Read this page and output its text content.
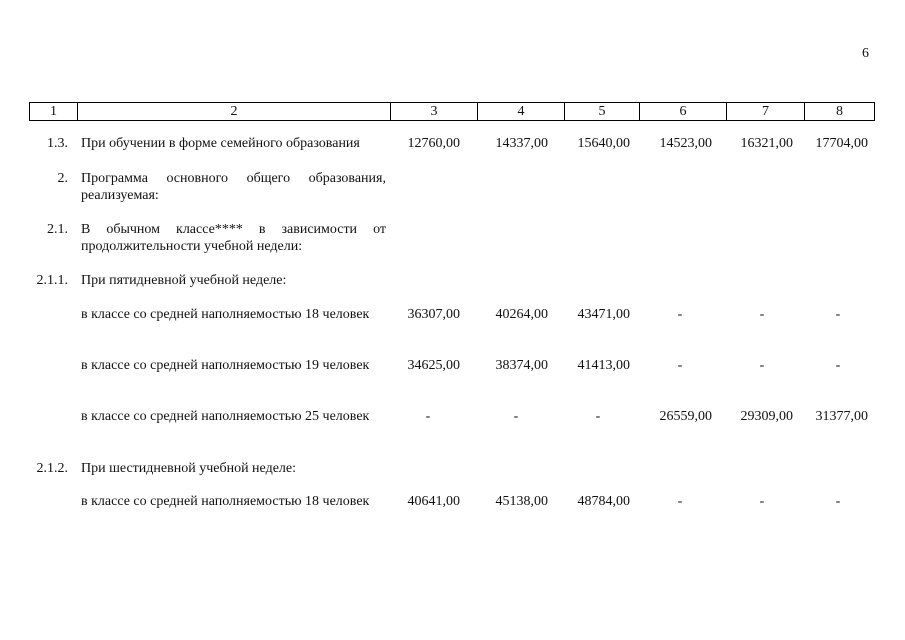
6
1	2	3	4	5	6	7	8
1.3. При обучении в форме семейного образования	12760,00	14337,00	15640,00	14523,00	16321,00	17704,00
2. Программа основного общего образования, реализуемая:
2.1. В обычном классе**** в зависимости от продолжительности учебной недели:
2.1.1. При пятидневной учебной неделе:
в классе со средней наполняемостью 18 человек	36307,00	40264,00	43471,00	-	-	-
в классе со средней наполняемостью 19 человек	34625,00	38374,00	41413,00	-	-	-
в классе со средней наполняемостью 25 человек	-	-	-	26559,00	29309,00	31377,00
2.1.2. При шестидневной учебной неделе:
в классе со средней наполняемостью 18 человек	40641,00	45138,00	48784,00	-	-	-
